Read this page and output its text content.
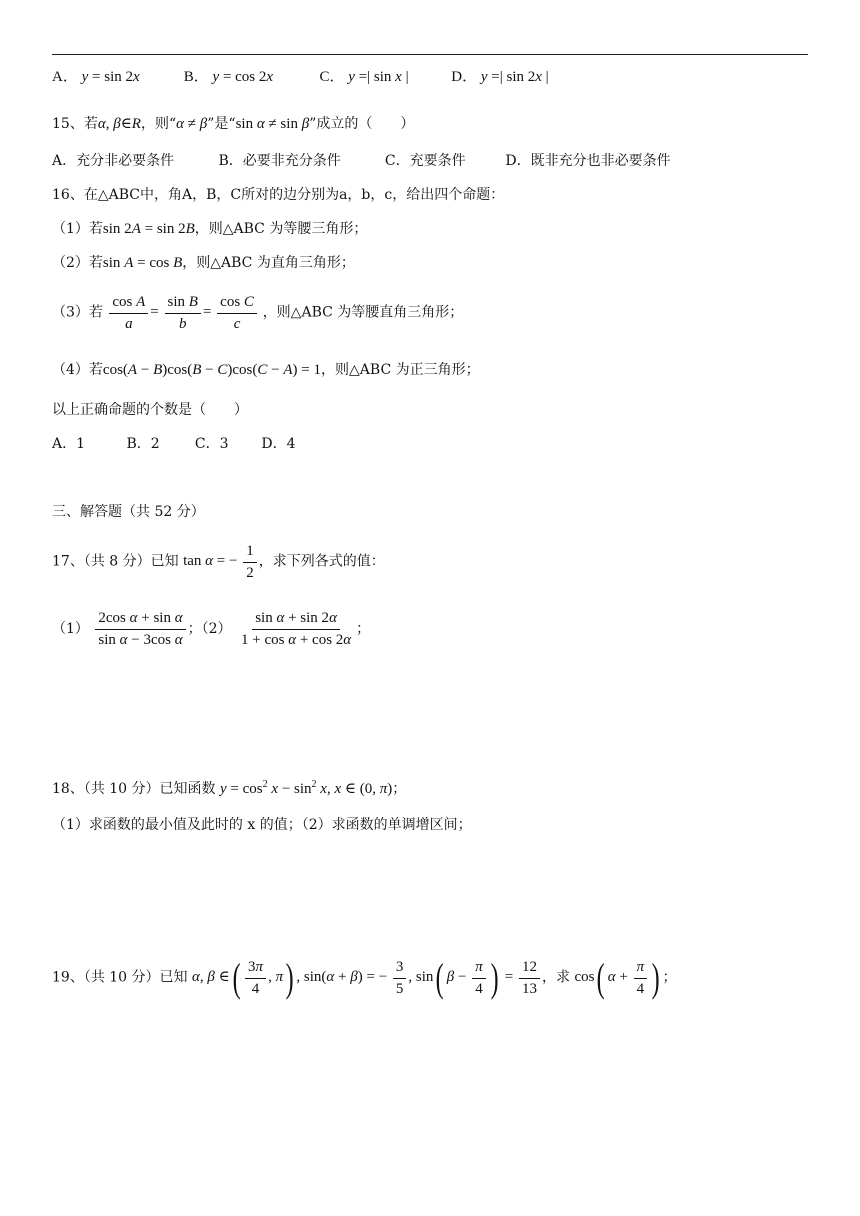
A． y = sin 2x	B． y = cos 2x	C． y =| sin x |	D． y =| sin 2x |
15、若α, β∈R，则“α ≠ β”是“sin α ≠ sin β”成立的（　　）
A．充分非必要条件	B．必要非充分条件	C．充要条件	D．既非充分也非必要条件
16、在△ABC中，角A，B，C所对的边分别为a，b，c，给出四个命题：
（1）若sin 2A = sin 2B，则△ABC 为等腰三角形；
（2）若sin A = cos B，则△ABC 为直角三角形；
（3）若 $\frac{\text{cos A}}{a} = \frac{\text{sin B}}{b} = \frac{\text{cos C}}{c}$ ，则△ABC 为等腰直角三角形；
（4）若cos(A − B)cos(B − C)cos(C − A) = 1，则△ABC 为正三角形；
以上正确命题的个数是（　　）
A．1	B．2	C．3 D．4
三、解答题（共 52 分）
17、（共 8 分）已知 tan α = − $\frac{1}{2}$ ，求下列各式的值：
$(1) \frac{\text{2cos α + sin α}}{\text{sin α − 3cos α}}$ ；$(2) \frac{\text{sin α + sin 2α}}{\text{1 + cos α + cos 2α}}$ ；
18、（共 10 分）已知函数 $y = \cos^2 x - \sin^2 x$, x ∈ (0, π)；
（1）求函数的最小值及此时的 x 的值；（2）求函数的单调增区间；
19、（共 10 分）已知 α, β ∈( $\frac{3\pi}{4}$ , π) , sin(α + β) = − $\frac{3}{5}$ , sin( $\beta - \frac{\pi}{4}$ ) = $\frac{12}{13}$ ，求 cos( $\alpha + \frac{\pi}{4}$ ) ；
